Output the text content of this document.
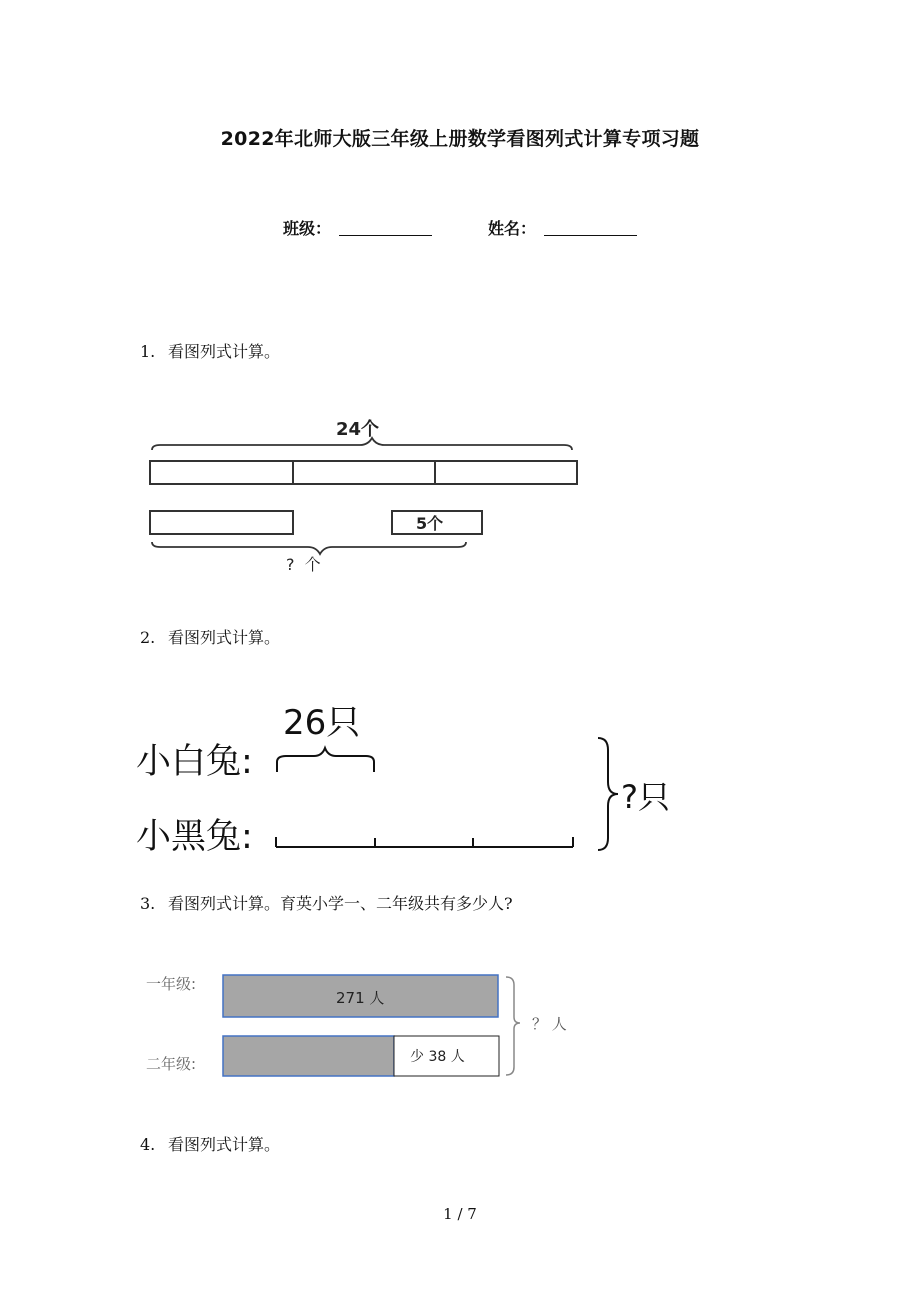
2022年北师大版三年级上册数学看图列式计算专项习题
班级：	姓名：
1. 看图列式计算。
24个
5个
?  个
2. 看图列式计算。
26只
小白兔:
小黑兔:
?只
3. 看图列式计算。育英小学一、二年级共有多少人?
一年级:
271 人
二年级:	少 38 人
？ 人
4. 看图列式计算。
1 / 7
